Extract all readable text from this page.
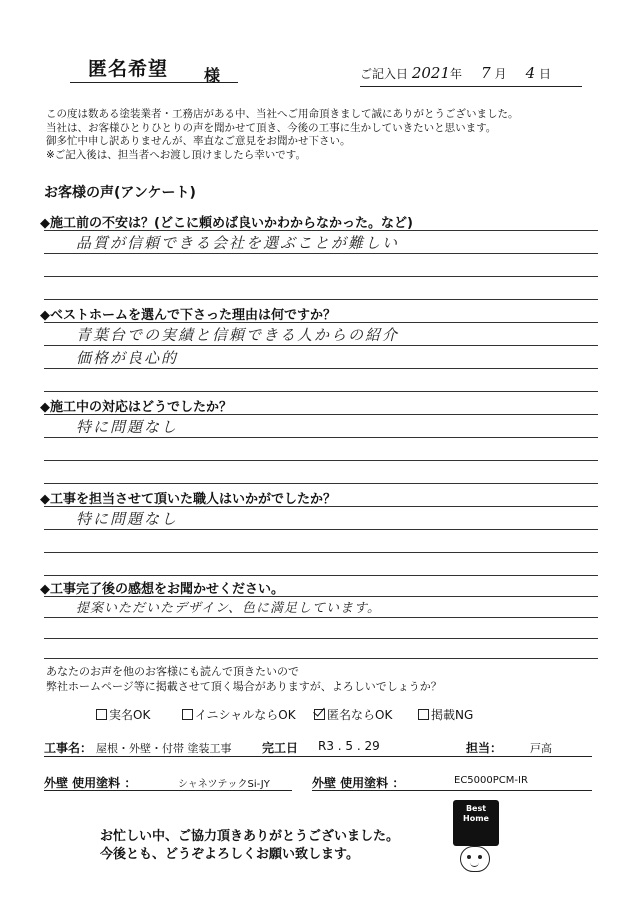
匿名希望 様	ご記入日 2021年 7 月 4 日
この度は数ある塗装業者・工務店がある中、当社へご用命頂きまして誠にありがとうございました。
当社は、お客様ひとりひとりの声を聞かせて頂き、今後の工事に生かしていきたいと思います。
御多忙中申し訳ありませんが、率直なご意見をお聞かせ下さい。
※ご記入後は、担当者へお渡し頂けましたら幸いです。
お客様の声(アンケート)
◆施工前の不安は？(どこに頼めば良いかわからなかった。など)
品質が信頼できる会社を選ぶことが難しい
◆ベストホームを選んで下さった理由は何ですか？
青葉台での実績と信頼できる人からの紹介
価格が良心的
◆施工中の対応はどうでしたか？
特に問題なし
◆工事を担当させて頂いた職人はいかがでしたか？
特に問題なし
◆工事完了後の感想をお聞かせください。
提案いただいたデザイン、色に満足しています。
あなたのお声を他のお客様にも読んで頂きたいので
弊社ホームページ等に掲載させて頂く場合がありますが、よろしいでしょうか？
実名OK	イニシャルならOK	匿名ならOK	掲載NG
工事名： 屋根・外壁・付帯 塗装工事	完工日 R3 . 5 . 29	担当：	戸高
外壁 使用塗料 ：	シャネツテックSi-JY	外壁 使用塗料 ：	EC5000PCM-IR
お忙しい中、ご協力頂きありがとうございました。
今後とも、どうぞよろしくお願い致します。
Best
Home
